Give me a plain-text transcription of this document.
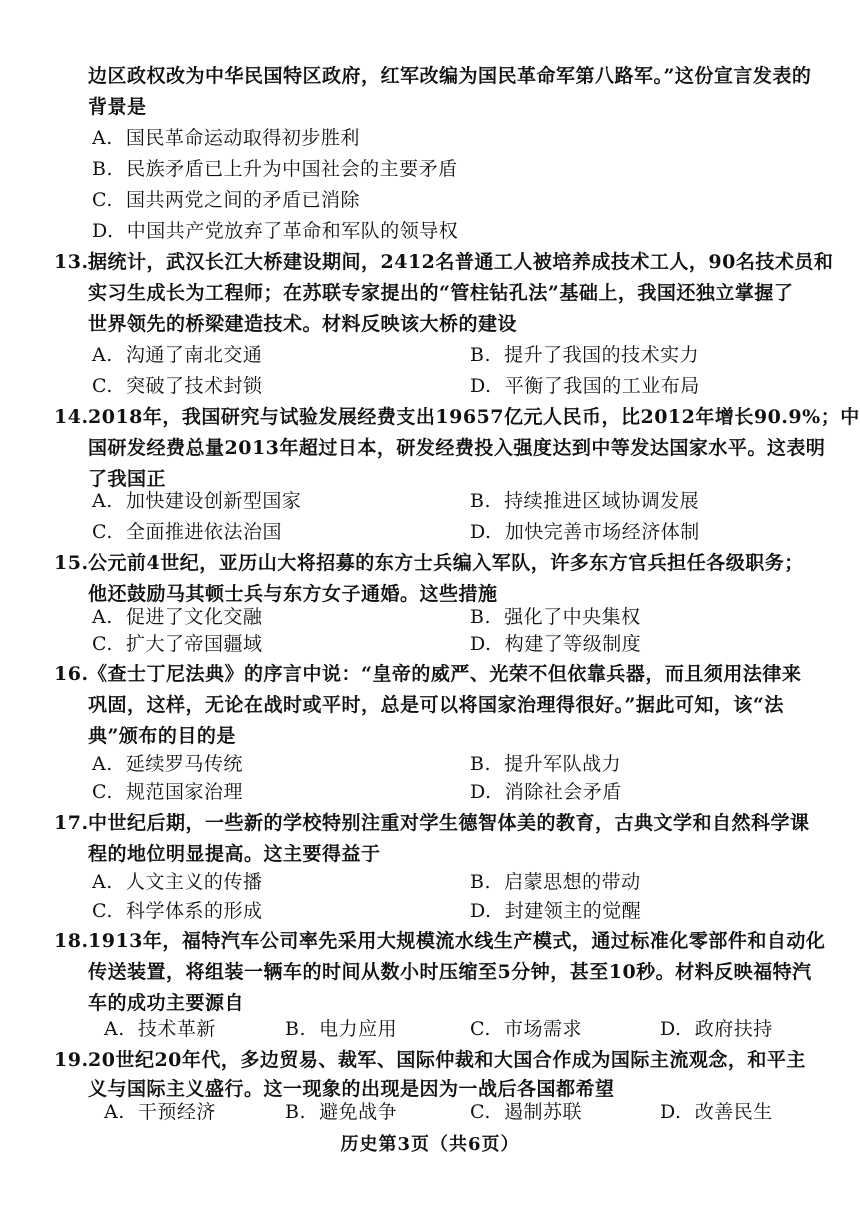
边区政权改为中华民国特区政府，红军改编为国民革命军第八路军。”这份宣言发表的
背景是
A. 国民革命运动取得初步胜利
B. 民族矛盾已上升为中国社会的主要矛盾
C. 国共两党之间的矛盾已消除
D. 中国共产党放弃了革命和军队的领导权
13.据统计，武汉长江大桥建设期间，2412名普通工人被培养成技术工人，90名技术员和
实习生成长为工程师；在苏联专家提出的“管柱钻孔法”基础上，我国还独立掌握了
世界领先的桥梁建造技术。材料反映该大桥的建设
A. 沟通了南北交通	B. 提升了我国的技术实力
C. 突破了技术封锁	D. 平衡了我国的工业布局
14.2018年，我国研究与试验发展经费支出19657亿元人民币，比2012年增长90.9%；中
国研发经费总量2013年超过日本，研发经费投入强度达到中等发达国家水平。这表明
了我国正
A. 加快建设创新型国家	B. 持续推进区域协调发展
C. 全面推进依法治国	D. 加快完善市场经济体制
15.公元前4世纪，亚历山大将招募的东方士兵编入军队，许多东方官兵担任各级职务；
他还鼓励马其顿士兵与东方女子通婚。这些措施
A. 促进了文化交融	B. 强化了中央集权
C. 扩大了帝国疆域	D. 构建了等级制度
16.《查士丁尼法典》的序言中说：“皇帝的威严、光荣不但依靠兵器，而且须用法律来
巩固，这样，无论在战时或平时，总是可以将国家治理得很好。”据此可知，该“法
典”颁布的目的是
A. 延续罗马传统	B. 提升军队战力
C. 规范国家治理	D. 消除社会矛盾
17.中世纪后期，一些新的学校特别注重对学生德智体美的教育，古典文学和自然科学课
程的地位明显提高。这主要得益于
A. 人文主义的传播	B. 启蒙思想的带动
C. 科学体系的形成	D. 封建领主的觉醒
18.1913年，福特汽车公司率先采用大规模流水线生产模式，通过标准化零部件和自动化
传送装置，将组装一辆车的时间从数小时压缩至5分钟，甚至10秒。材料反映福特汽
车的成功主要源自
A. 技术革新	B. 电力应用	C. 市场需求	D. 政府扶持
19.20世纪20年代，多边贸易、裁军、国际仲裁和大国合作成为国际主流观念，和平主
义与国际主义盛行。这一现象的出现是因为一战后各国都希望
A. 干预经济	B. 避免战争	C. 遏制苏联	D. 改善民生
历史第3页（共6页）
